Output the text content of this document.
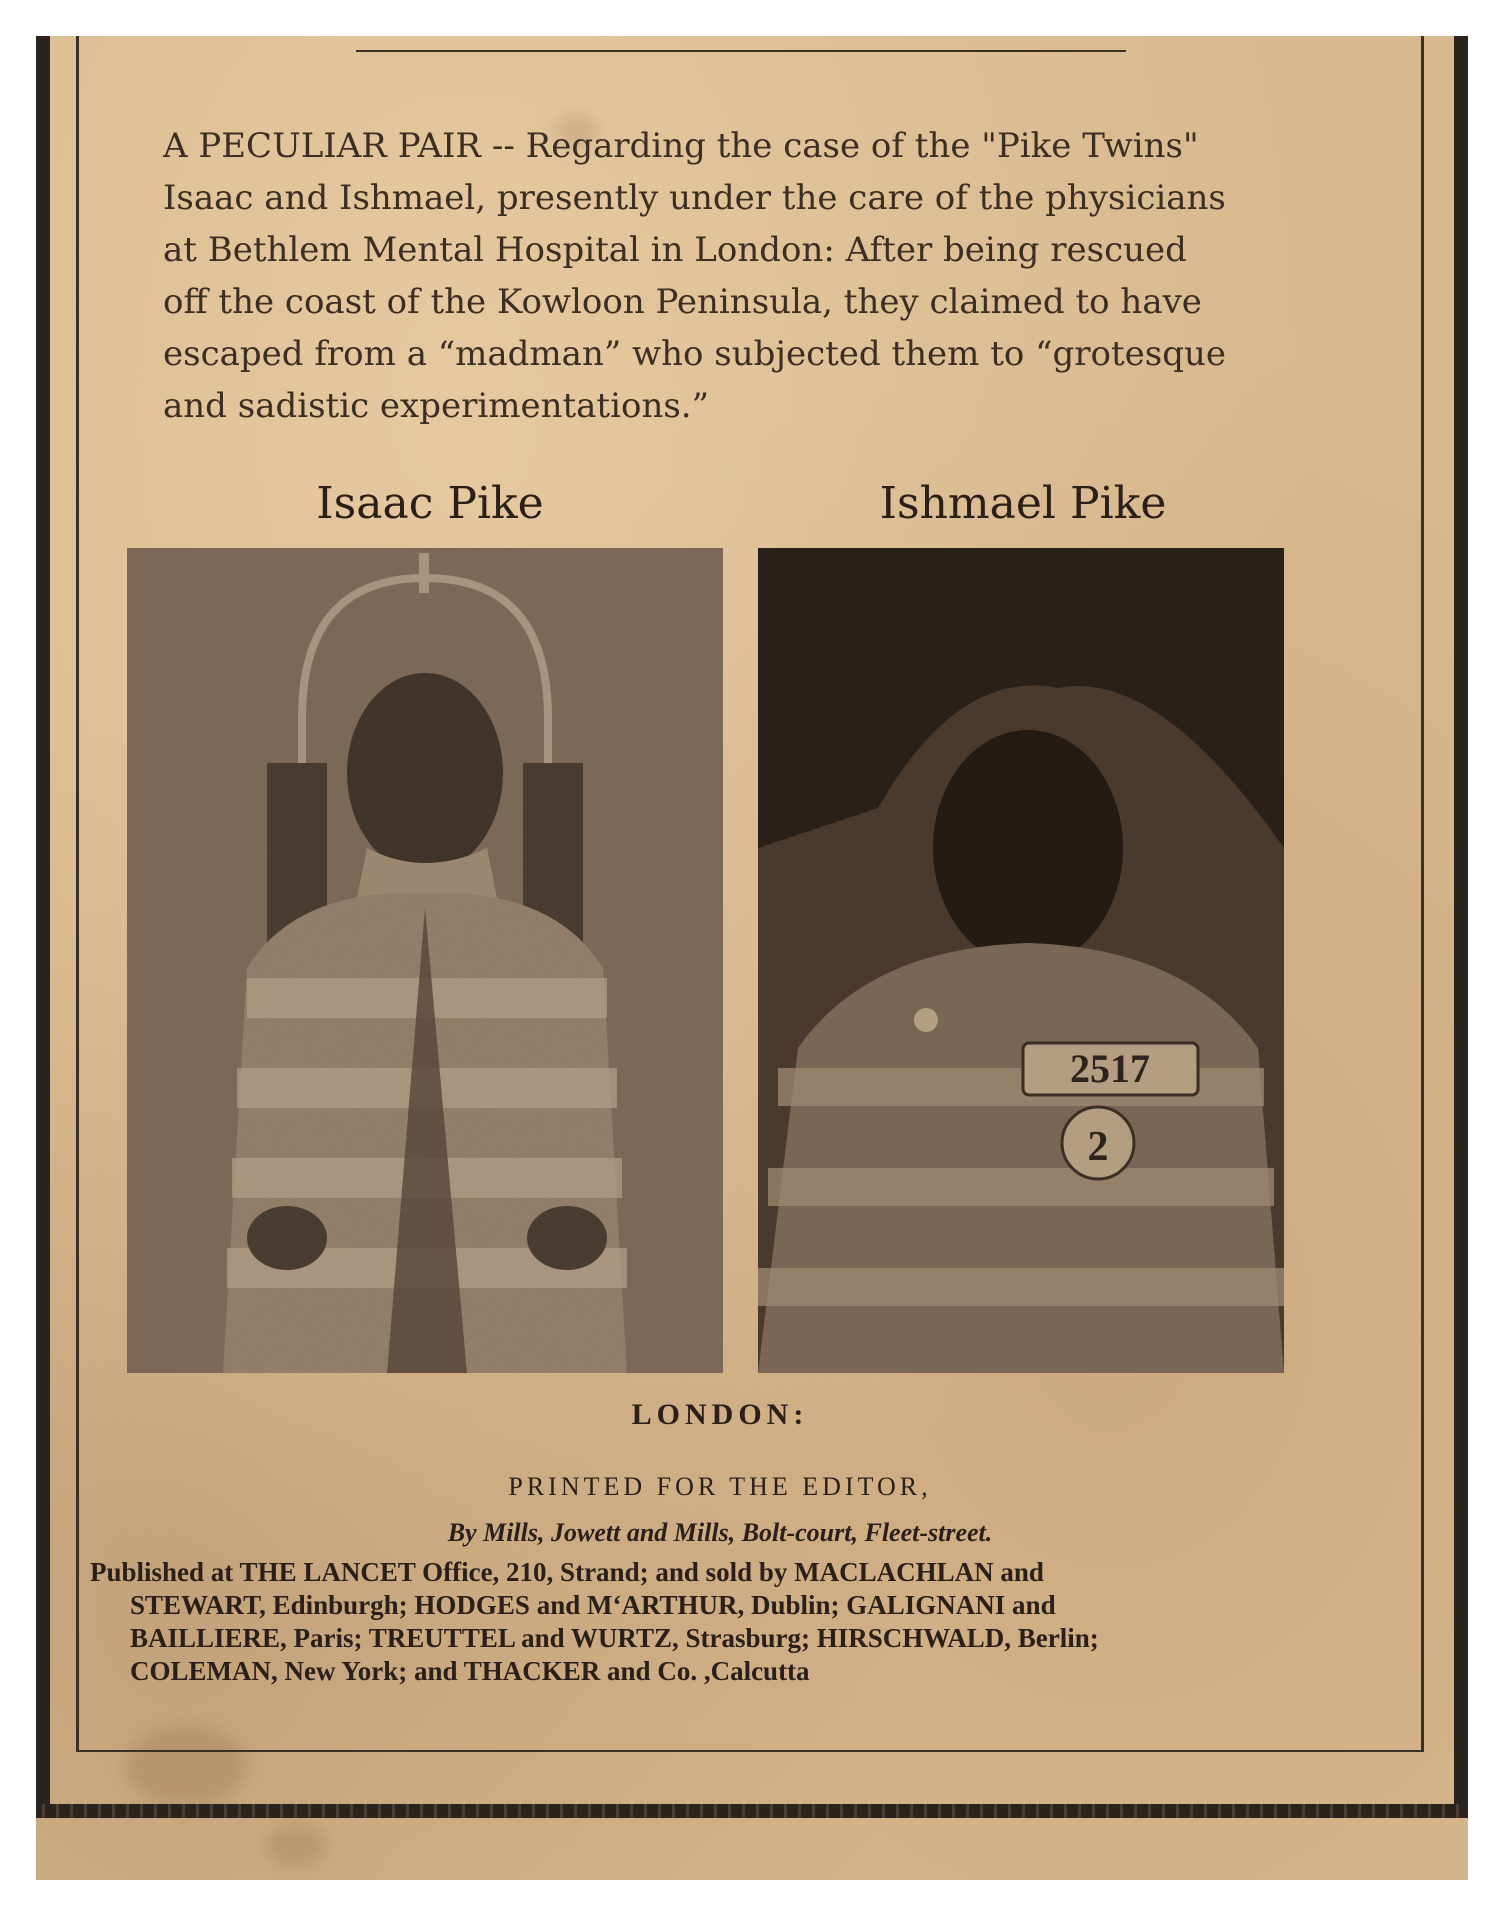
A PECULIAR PAIR -- Regarding the case of the "Pike Twins"
Isaac and Ishmael, presently under the care of the physicians
at Bethlem Mental Hospital in London: After being rescued
off the coast of the Kowloon Peninsula, they claimed to have
escaped from a “madman” who subjected them to “grotesque
and sadistic experimentations.”
Isaac Pike	Ishmael Pike
2517
2
LONDON:
PRINTED FOR THE EDITOR,
By Mills, Jowett and Mills, Bolt-court, Fleet-street.
Published at THE LANCET Office, 210, Strand; and sold by MACLACHLAN and
STEWART, Edinburgh; HODGES and M‘ARTHUR, Dublin; GALIGNANI and
BAILLIERE, Paris; TREUTTEL and WURTZ, Strasburg; HIRSCHWALD, Berlin;
COLEMAN, New York; and THACKER and Co. ,Calcutta
